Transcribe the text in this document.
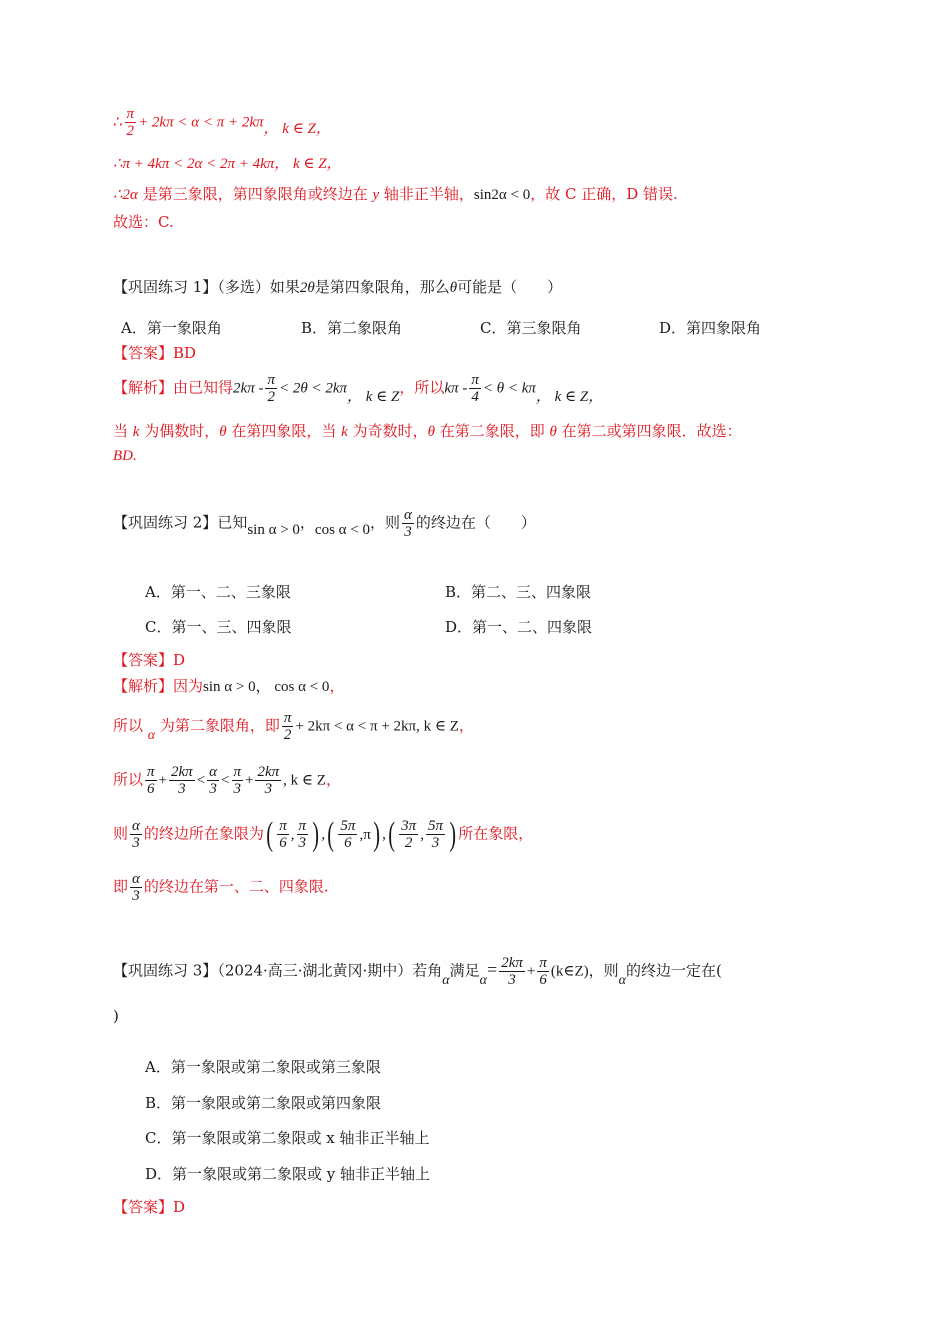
∴ $\frac{\pi}{2} + 2k\pi < \alpha < \pi + 2k\pi$， k ∈ Z，
∴π + 4kπ < 2α < 2π + 4kπ， k ∈ Z，
∴2α 是第三象限，第四象限角或终边在 y 轴非正半轴，sin2α < 0，故 C 正确，D 错误.
故选：C.
【巩固练习 1】（多选）如果2θ是第四象限角，那么θ可能是（　　）
A．第一象限角	B．第二象限角	C．第三象限角	D．第四象限角
【答案】BD
【解析】由已知得$2k\pi - \frac{\pi}{2} < 2\theta < 2k\pi$， k ∈ Z，所以$k\pi - \frac{\pi}{4} < \theta < k\pi$， k ∈ Z，
当 k 为偶数时，θ 在第四象限，当 k 为奇数时，θ 在第二象限，即 θ 在第二或第四象限．故选：
BD.
【巩固练习 2】已知sin α > 0，cos α < 0，则 $\frac{\alpha}{3}$ 的终边在（　　）
A．第一、二、三象限	B．第二、三、四象限
C．第一、三、四象限	D．第一、二、四象限
【答案】D
【解析】因为sin α > 0， cos α < 0，
所以 α 为第二象限角，即 $\frac{\pi}{2} + 2k\pi < \alpha < \pi + 2k\pi$, k ∈ Z，
所以 $\frac{\pi}{6} + \frac{2k\pi}{3} < \frac{\alpha}{3} < \frac{\pi}{3} + \frac{2k\pi}{3}$ , k ∈ Z，
则 $\frac{\alpha}{3}$ 的终边所在象限为( $\frac{\pi}{6}$ , $\frac{\pi}{3}$ ) ,( $\frac{5\pi}{6} ,\pi$) ,( $\frac{3\pi}{2}$ , $\frac{5\pi}{3}$ ) 所在象限，
即 $\frac{\alpha}{3}$ 的终边在第一、二、四象限.
【巩固练习 3】（2024·高三·湖北黄冈·期中）若角α满足$\alpha= \frac{2k\pi}{3} + \frac{\pi}{6}$ (k∈Z)，则α的终边一定在(
)
A．第一象限或第二象限或第三象限
B．第一象限或第二象限或第四象限
C．第一象限或第二象限或 x 轴非正半轴上
D．第一象限或第二象限或 y 轴非正半轴上
【答案】D
